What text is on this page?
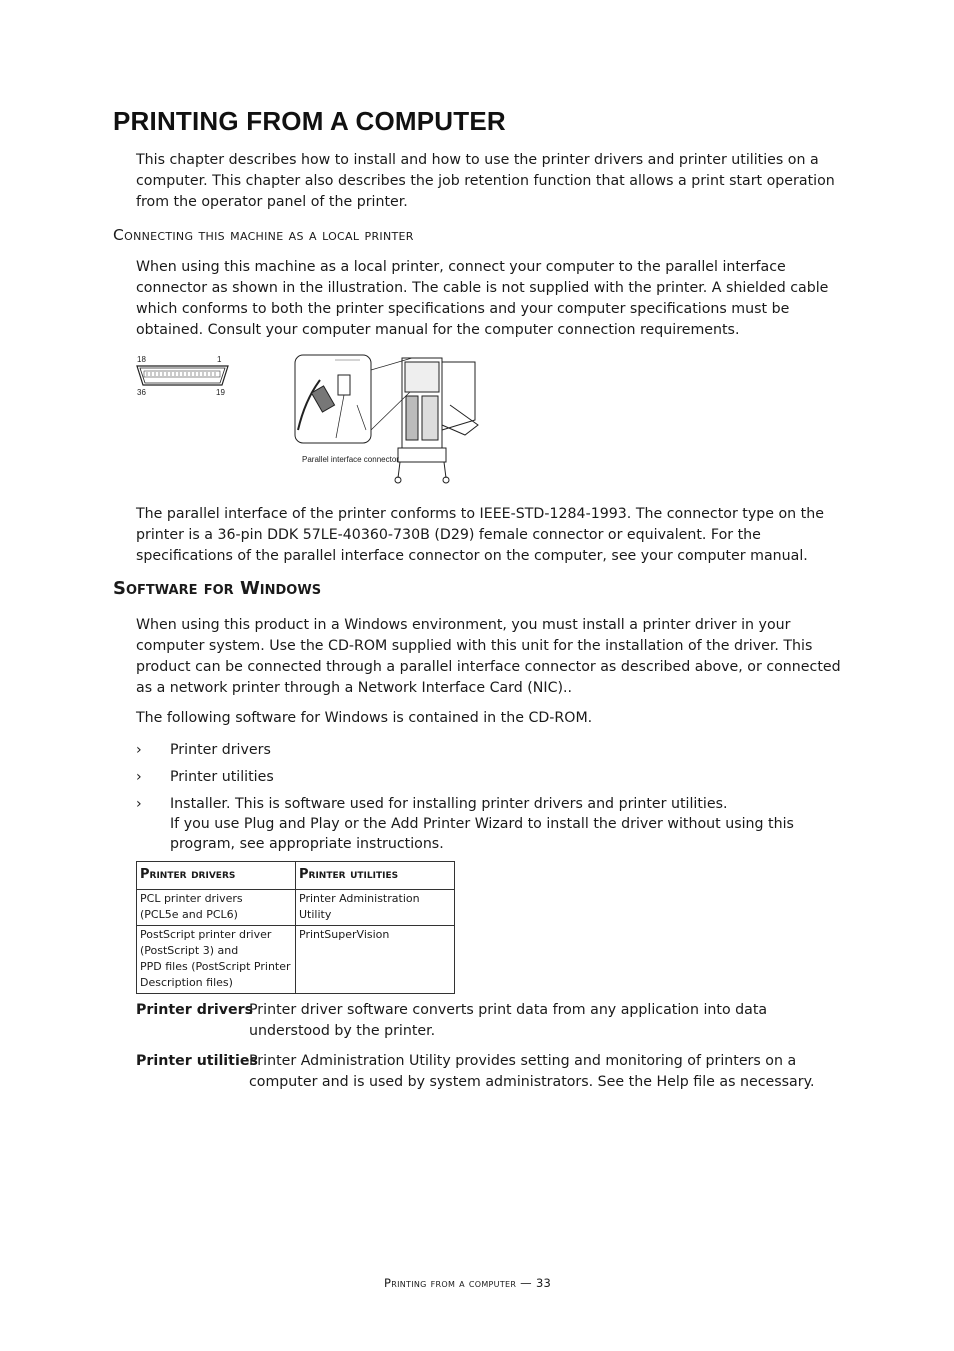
PRINTING FROM A COMPUTER

This chapter describes how to install and how to use the printer drivers and printer utilities on a computer. This chapter also describes the job retention function that allows a print start operation from the operator panel of the printer.

Connecting this machine as a local printer

When using this machine as a local printer, connect your computer to the parallel interface connector as shown in the illustration. The cable is not supplied with the printer. A shielded cable which conforms to both the printer specifications and your computer specifications must be obtained. Consult your computer manual for the computer connection requirements.

18	1
36	19
Parallel interface connector

The parallel interface of the printer conforms to IEEE-STD-1284-1993. The connector type on the printer is a 36-pin DDK 57LE-40360-730B (D29) female connector or equivalent. For the specifications of the parallel interface connector on the computer, see your computer manual.

Software for Windows

When using this product in a Windows environment, you must install a printer driver in your computer system. Use the CD-ROM supplied with this unit for the installation of the driver. This product can be connected through a parallel interface connector as described above, or connected as a network printer through a Network Interface Card (NIC)..

The following software for Windows is contained in the CD-ROM.

› Printer drivers
› Printer utilities
› Installer. This is software used for installing printer drivers and printer utilities.
If you use Plug and Play or the Add Printer Wizard to install the driver without using this program, see appropriate instructions.
Printer drivers	Printer utilities

PCL printer drivers
(PCL5e and PCL6)	Printer Administration
Utility

PostScript printer driver
(PostScript 3) and
PPD files (PostScript Printer
Description files)	PrintSuperVision
Printer drivers
Printer driver software converts print data from any application into data understood by the printer.
Printer utilities
Printer Administration Utility provides setting and monitoring of printers on a computer and is used by system administrators. See the Help file as necessary.
Printing from a computer — 33
